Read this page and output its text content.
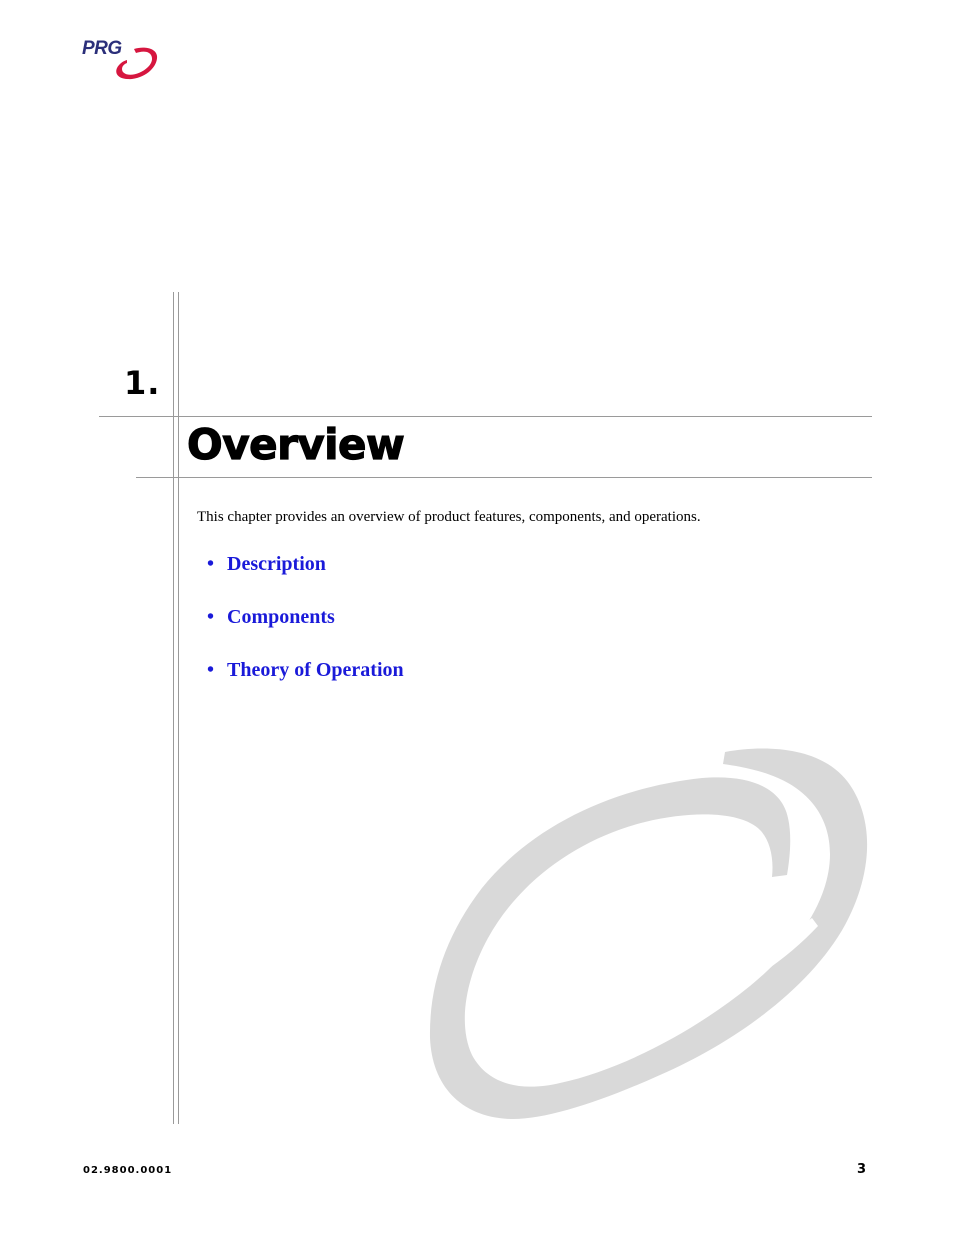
PRG
1.
Overview
This chapter provides an overview of product features, components, and operations.
• Description
• Components
• Theory of Operation
02.9800.0001	3
